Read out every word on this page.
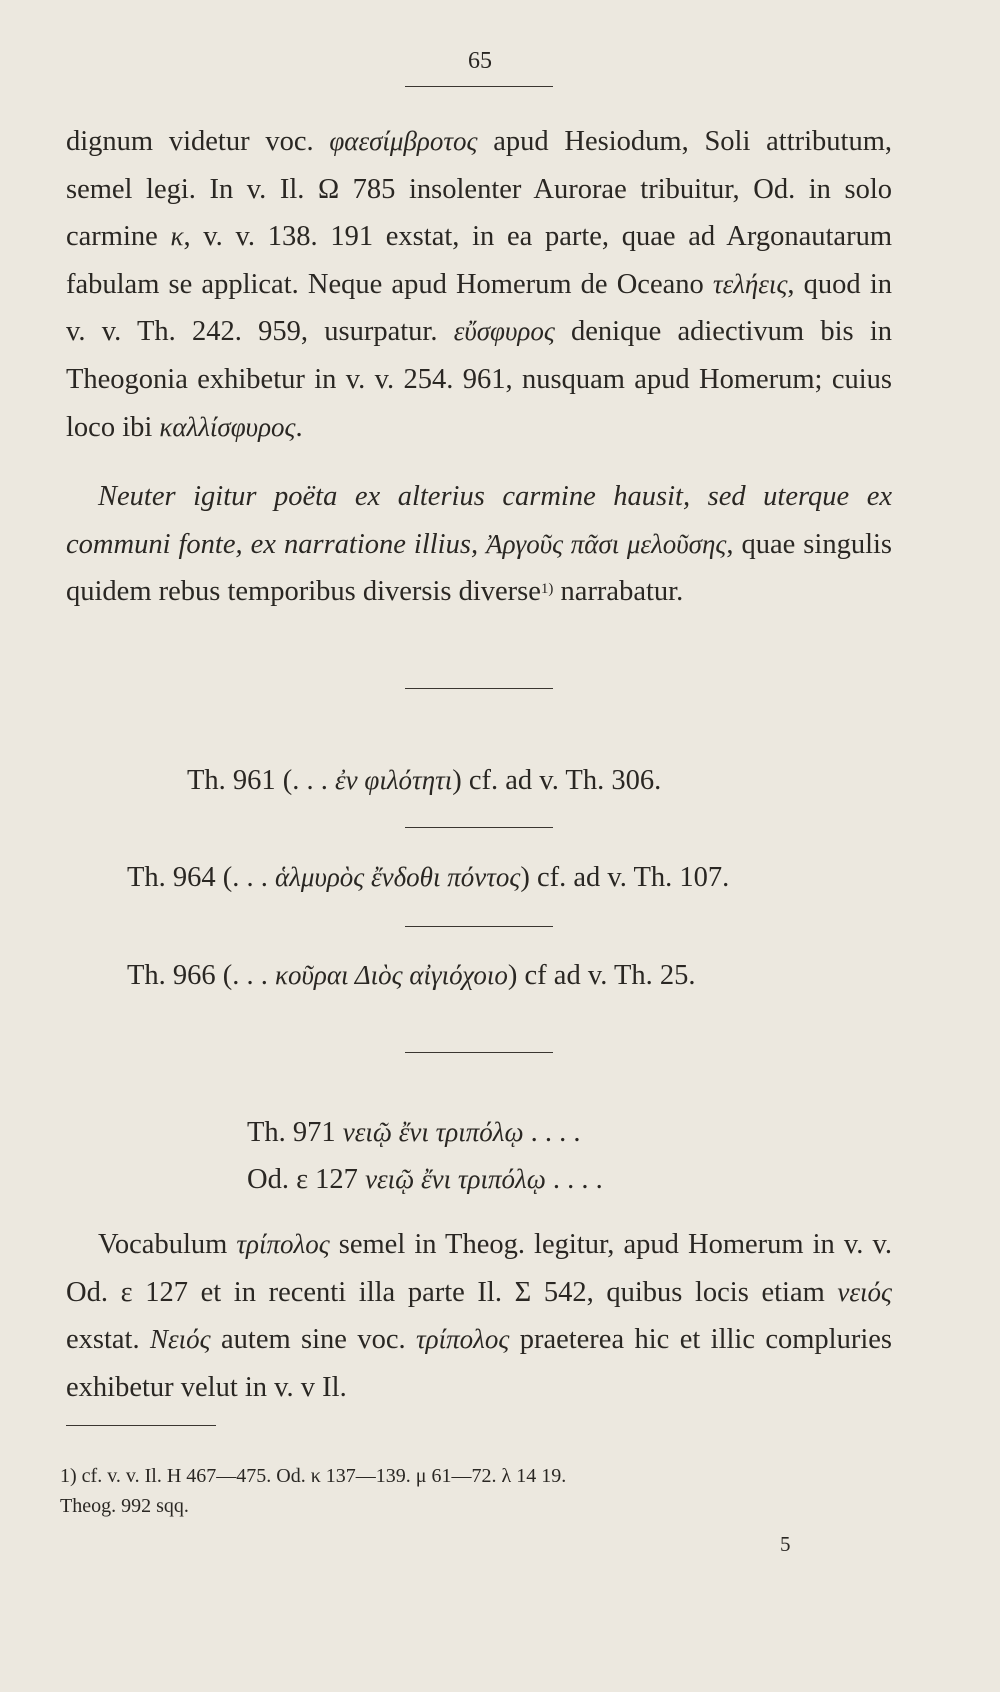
65

dignum videtur voc. φαεσίμβροτος apud Hesiodum, Soli attributum, semel legi. In v. Il. Ω 785 insolenter Aurorae tribuitur, Od. in solo carmine κ, v. v. 138. 191 exstat, in ea parte, quae ad Argonautarum fabulam se applicat. Neque apud Homerum de Oceano τελήεις, quod in v. v. Th. 242. 959, usurpatur. εὔσφυρος denique adiectivum bis in Theogonia exhibetur in v. v. 254. 961, nusquam apud Homerum; cuius loco ibi καλλίσφυρος.

Neuter igitur poëta ex alterius carmine hausit, sed uterque ex communi fonte, ex narratione illius, Ἀργοῦς πᾶσι μελοῦσης, quae singulis quidem rebus temporibus diversis diverse$^{1)}$ narrabatur.

Th. 961 (. . . ἐν φιλότητι) cf. ad v. Th. 306.
Th. 964 (. . . ἁλμυρὸς ἔνδοθι πόντος) cf. ad v. Th. 107.
Th. 966 (. . . κοῦραι Διὸς αἰγιόχοιο) cf ad v. Th. 25.
Th. 971 νειῷ ἔνι τριπόλῳ . . . .
Od. ε 127 νειῷ ἔνι τριπόλῳ . . . .

Vocabulum τρίπολος semel in Theog. legitur, apud Homerum in v. v. Od. ε 127 et in recenti illa parte Il. Σ 542, quibus locis etiam νειός exstat. Νειός autem sine voc. τρίπολος praeterea hic et illic compluries exhibetur velut in v. v Il.

1) cf. v. v. Il. Η 467—475. Od. κ 137—139. μ 61—72. λ 14 19.
Theog. 992 sqq.
5
